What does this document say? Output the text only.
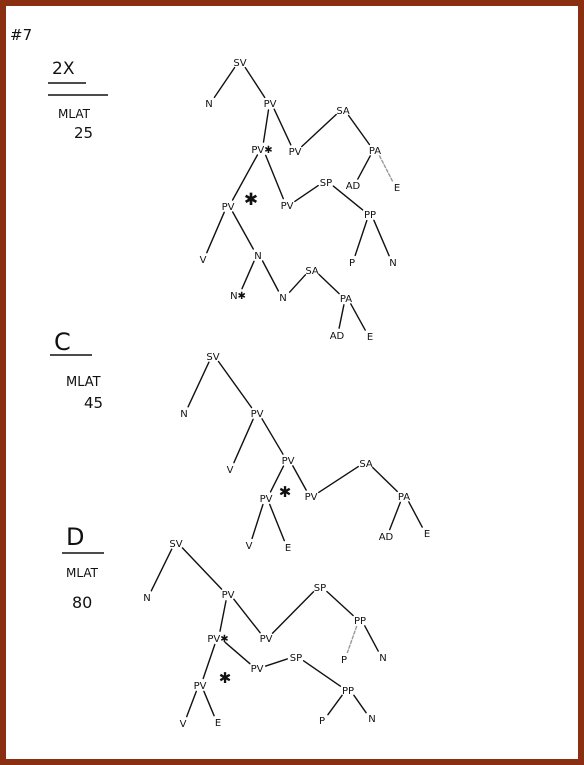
#7
2X
MLAT
25
C
MLAT
45
D
MLAT
80
SV
N	PV
SA
PV✱ PV	PA
AD	E
PV ✱ PV
SP
PP
V	N
P	N
SA
N✱	N	PA
AD E
SV
N	PV
V
PV	SA
PV ✱ PV	PA
V	E
AD	E
SV
N	PV
SP
PV✱	PV
PP
P	N
PV ✱ PV
SP
PP
V	E	P	N
